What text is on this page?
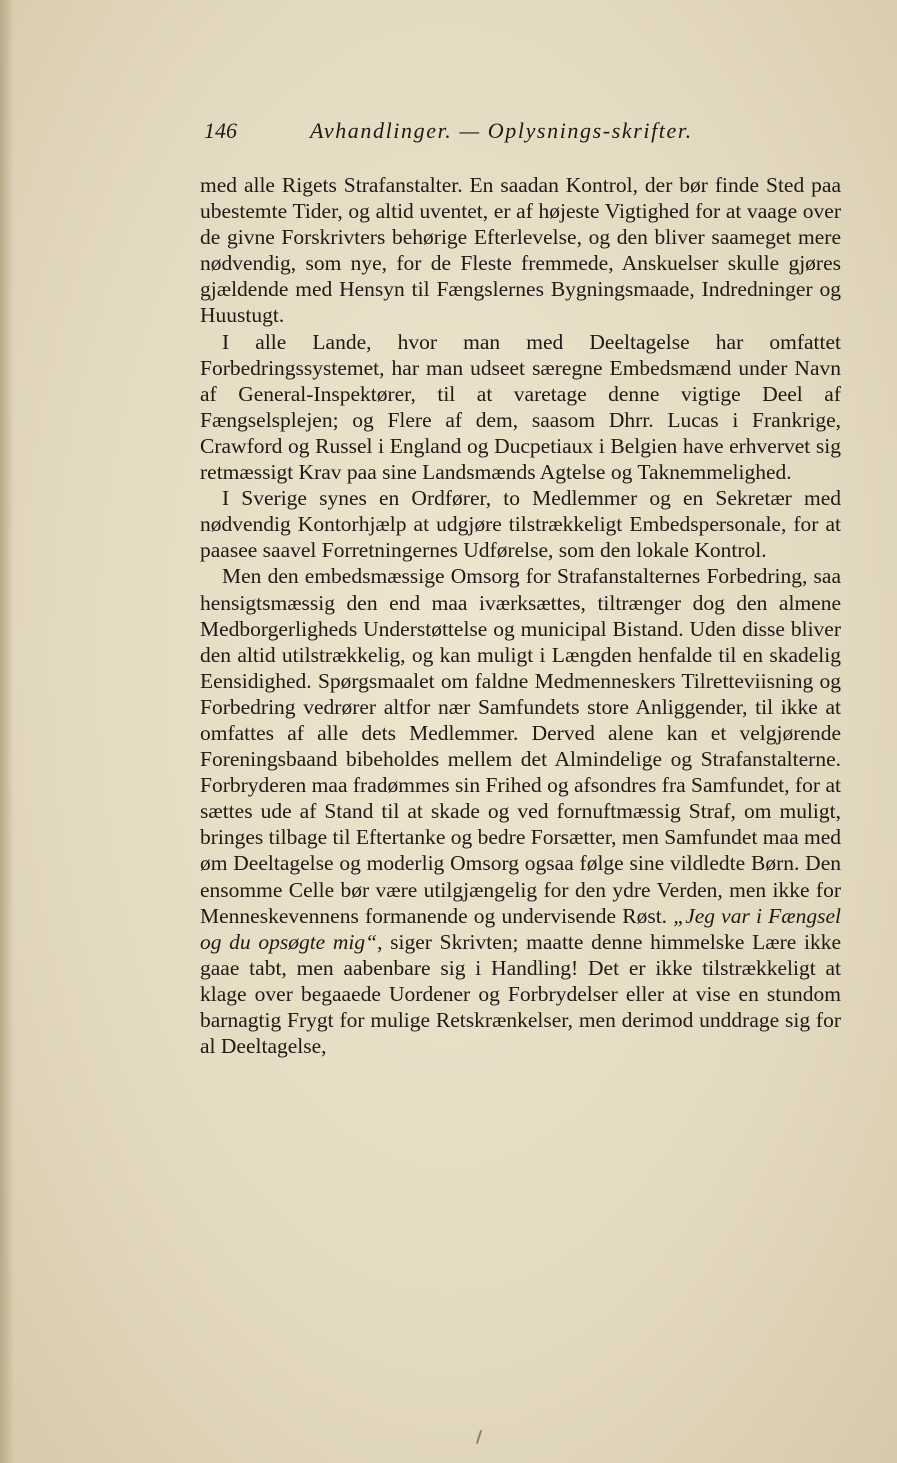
146	Avhandlinger. — Oplysnings-skrifter.

med alle Rigets Strafanstalter. En saadan Kontrol, der bør finde Sted paa ubestemte Tider, og altid uventet, er af højeste Vigtighed for at vaage over de givne Forskrivters behørige Efterlevelse, og den bliver saameget mere nødvendig, som nye, for de Fleste fremmede, Anskuelser skulle gjøres gjældende med Hensyn til Fængslernes Bygningsmaade, Indredninger og Huustugt.

I alle Lande, hvor man med Deeltagelse har omfattet Forbedringssystemet, har man udseet særegne Embedsmænd under Navn af General-Inspektører, til at varetage denne vigtige Deel af Fængselsplejen; og Flere af dem, saasom Dhrr. Lucas i Frankrige, Crawford og Russel i England og Ducpetiaux i Belgien have erhvervet sig retmæssigt Krav paa sine Landsmænds Agtelse og Taknemmelighed.

I Sverige synes en Ordfører, to Medlemmer og en Sekretær med nødvendig Kontorhjælp at udgjøre tilstrækkeligt Embedspersonale, for at paasee saavel Forretningernes Udførelse, som den lokale Kontrol.

Men den embedsmæssige Omsorg for Strafanstalternes Forbedring, saa hensigtsmæssig den end maa iværksættes, tiltrænger dog den almene Medborgerligheds Understøttelse og municipal Bistand. Uden disse bliver den altid utilstrækkelig, og kan muligt i Længden henfalde til en skadelig Eensidighed. Spørgsmaalet om faldne Medmenneskers Tilretteviisning og Forbedring vedrører altfor nær Samfundets store Anliggender, til ikke at omfattes af alle dets Medlemmer. Derved alene kan et velgjørende Foreningsbaand bibeholdes mellem det Almindelige og Strafanstalterne. Forbryderen maa fradømmes sin Frihed og afsondres fra Samfundet, for at sættes ude af Stand til at skade og ved fornuftmæssig Straf, om muligt, bringes tilbage til Eftertanke og bedre Forsætter, men Samfundet maa med øm Deeltagelse og moderlig Omsorg ogsaa følge sine vildledte Børn. Den ensomme Celle bør være utilgjængelig for den ydre Verden, men ikke for Menneskevennens formanende og undervisende Røst. „Jeg var i Fængsel og du opsøgte mig“, siger Skrivten; maatte denne himmelske Lære ikke gaae tabt, men aabenbare sig i Handling! Det er ikke tilstrækkeligt at klage over begaaede Uordener og Forbrydelser eller at vise en stundom barnagtig Frygt for mulige Retskrænkelser, men derimod unddrage sig for al Deeltagelse,
